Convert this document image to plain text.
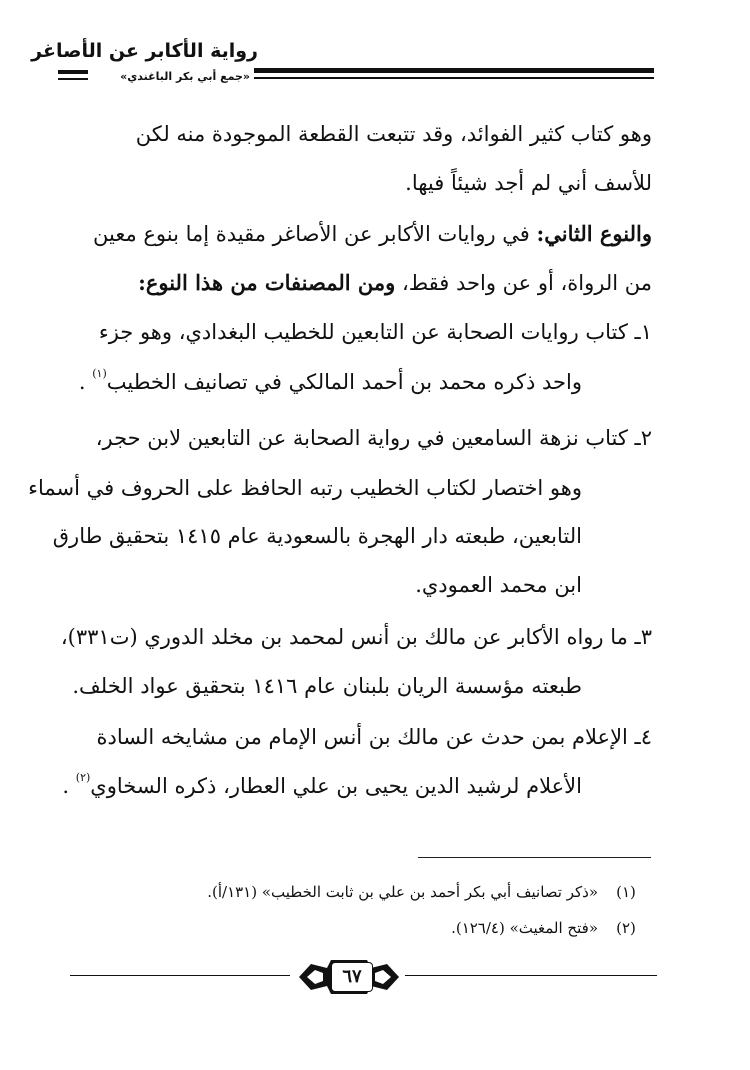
رواية الأكابر عن الأصاغر
«جمع أبي بكر الباغندي»
وهو كتاب كثير الفوائد، وقد تتبعت القطعة الموجودة منه لكن
للأسف أني لم أجد شيئاً فيها.
والنوع الثاني: في روايات الأكابر عن الأصاغر مقيدة إما بنوع معين
من الرواة، أو عن واحد فقط، ومن المصنفات من هذا النوع:
١ـ كتاب روايات الصحابة عن التابعين للخطيب البغدادي، وهو جزء
واحد ذكره محمد بن أحمد المالكي في تصانيف الخطيب$^{(١)}$ .
٢ـ كتاب نزهة السامعين في رواية الصحابة عن التابعين لابن حجر،
وهو اختصار لكتاب الخطيب رتبه الحافظ على الحروف في أسماء
التابعين، طبعته دار الهجرة بالسعودية عام ١٤١٥ بتحقيق طارق
ابن محمد العمودي.
٣ـ ما رواه الأكابر عن مالك بن أنس لمحمد بن مخلد الدوري (ت٣٣١)،
طبعته مؤسسة الريان بلبنان عام ١٤١٦ بتحقيق عواد الخلف.
٤ـ الإعلام بمن حدث عن مالك بن أنس الإمام من مشايخه السادة
الأعلام لرشيد الدين يحيى بن علي العطار، ذكره السخاوي$^{(٢)}$ .
(١)«ذكر تصانيف أبي بكر أحمد بن علي بن ثابت الخطيب» (١٣١/أ).
(٢)«فتح المغيث» (١٢٦/٤).
٦٧
